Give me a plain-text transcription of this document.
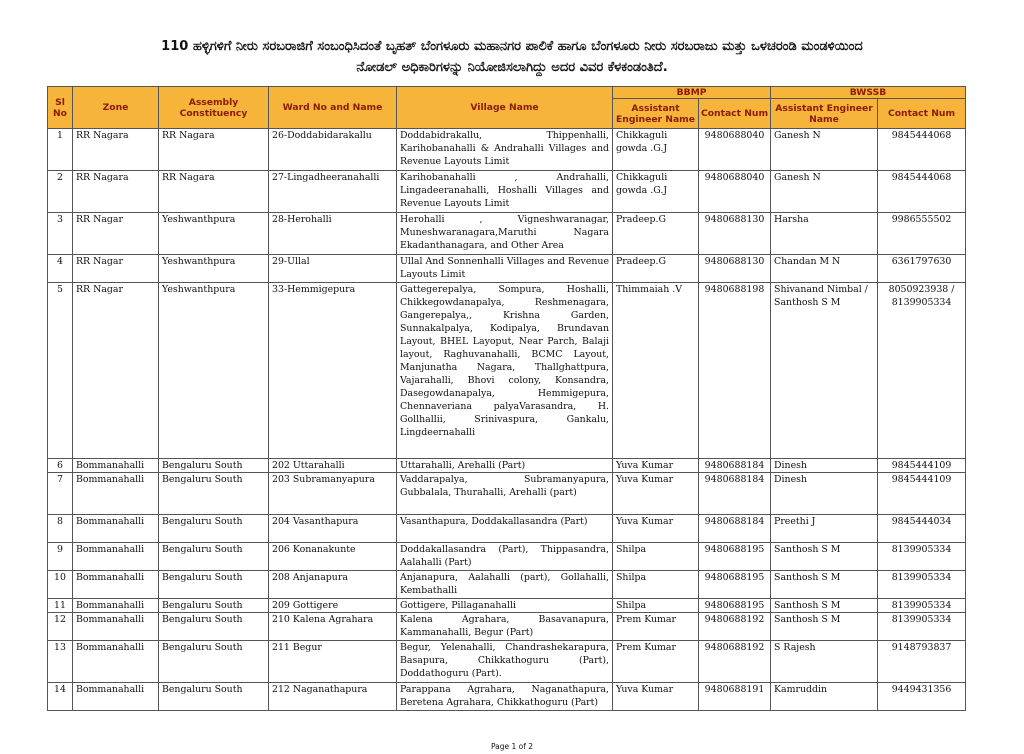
110 ಹಳ್ಳಿಗಳಿಗೆ ನೀರು ಸರಬರಾಜಿಗೆ ಸಂಬಂಧಿಸಿದಂತೆ ಬೃಹತ್ ಬೆಂಗಳೂರು ಮಹಾನಗರ ಪಾಲಿಕೆ ಹಾಗೂ ಬೆಂಗಳೂರು ನೀರು ಸರಬರಾಜು ಮತ್ತು ಒಳಚರಂಡಿ ಮಂಡಳಿಯಿಂದ
ನೋಡಲ್ ಅಧಿಕಾರಿಗಳನ್ನು ನಿಯೋಜಿಸಲಾಗಿದ್ದು ಅದರ ವಿವರ ಕೆಳಕಂಡಂತಿದೆ.
Sl No	Zone	Assembly Constituency	Ward No and Name	Village Name	BBMP		BWSSB	
					Assistant Engineer Name	Contact Num	Assistant Engineer Name	Contact Num
1	RR Nagara	RR Nagara	26-Doddabidarakallu	Doddabidrakallu, Thippenhalli, Karihobanahalli & Andrahalli Villages and Revenue Layouts Limit	Chikkaguli gowda .G.J	9480688040	Ganesh N	9845444068
2	RR Nagara	RR Nagara	27-Lingadheeranahalli	Karihobanahalli , Andrahalli, Lingadeeranahalli, Hoshalli Villages and Revenue Layouts Limit	Chikkaguli gowda .G.J	9480688040	Ganesh N	9845444068
3	RR Nagar	Yeshwanthpura	28-Herohalli	Herohalli , Vigneshwaranagar, Muneshwaranagara,Maruthi Nagara Ekadanthanagara, and Other Area	Pradeep.G	9480688130	Harsha	9986555502
4	RR Nagar	Yeshwanthpura	29-Ullal	Ullal And Sonnenhalli Villages and Revenue Layouts Limit	Pradeep.G	9480688130	Chandan M N	6361797630
5	RR Nagar	Yeshwanthpura	33-Hemmigepura	Gattegerepalya, Sompura, Hoshalli, Chikkegowdanapalya, Reshmenagara, Gangerepalya,, Krishna Garden, Sunnakalpalya, Kodipalya, Brundavan Layout, BHEL Layoput, Near Parch, Balaji layout, Raghuvanahalli, BCMC Layout, Manjunatha Nagara, Thallghattpura, Vajarahalli, Bhovi colony, Konsandra, Dasegowdanapalya, Hemmigepura, Chennaveriana palyaVarasandra, H. Gollhallii, Srinivaspura, Gankalu, Lingdeernahalli	Thimmaiah .V	9480688198	Shivanand Nimbal / Santhosh S M	8050923938 / 8139905334
6	Bommanahalli	Bengaluru South	202 Uttarahalli	Uttarahalli, Arehalli (Part)	Yuva Kumar	9480688184	Dinesh	9845444109
7	Bommanahalli	Bengaluru South	203 Subramanyapura	Vaddarapalya, Subramanyapura, Gubbalala, Thurahalli, Arehalli (part)	Yuva Kumar	9480688184	Dinesh	9845444109
8	Bommanahalli	Bengaluru South	204 Vasanthapura	Vasanthapura, Doddakallasandra (Part)	Yuva Kumar	9480688184	Preethi J	9845444034
9	Bommanahalli	Bengaluru South	206 Konanakunte	Doddakallasandra (Part), Thippasandra, Aalahalli (Part)	Shilpa	9480688195	Santhosh S M	8139905334
10	Bommanahalli	Bengaluru South	208 Anjanapura	Anjanapura, Aalahalli (part), Gollahalli, Kembathalli	Shilpa	9480688195	Santhosh S M	8139905334
11	Bommanahalli	Bengaluru South	209 Gottigere	Gottigere, Pillaganahalli	Shilpa	9480688195	Santhosh S M	8139905334
12	Bommanahalli	Bengaluru South	210 Kalena Agrahara	Kalena Agrahara, Basavanapura, Kammanahalli, Begur (Part)	Prem Kumar	9480688192	Santhosh S M	8139905334
13	Bommanahalli	Bengaluru South	211 Begur	Begur, Yelenahalli, Chandrashekarapura, Basapura, Chikkathoguru (Part), Doddathoguru (Part).	Prem Kumar	9480688192	S Rajesh	9148793837
14	Bommanahalli	Bengaluru South	212 Naganathapura	Parappana Agrahara, Naganathapura, Beretena Agrahara, Chikkathoguru (Part)	Yuva Kumar	9480688191	Kamruddin	9449431356
Page 1 of 2
